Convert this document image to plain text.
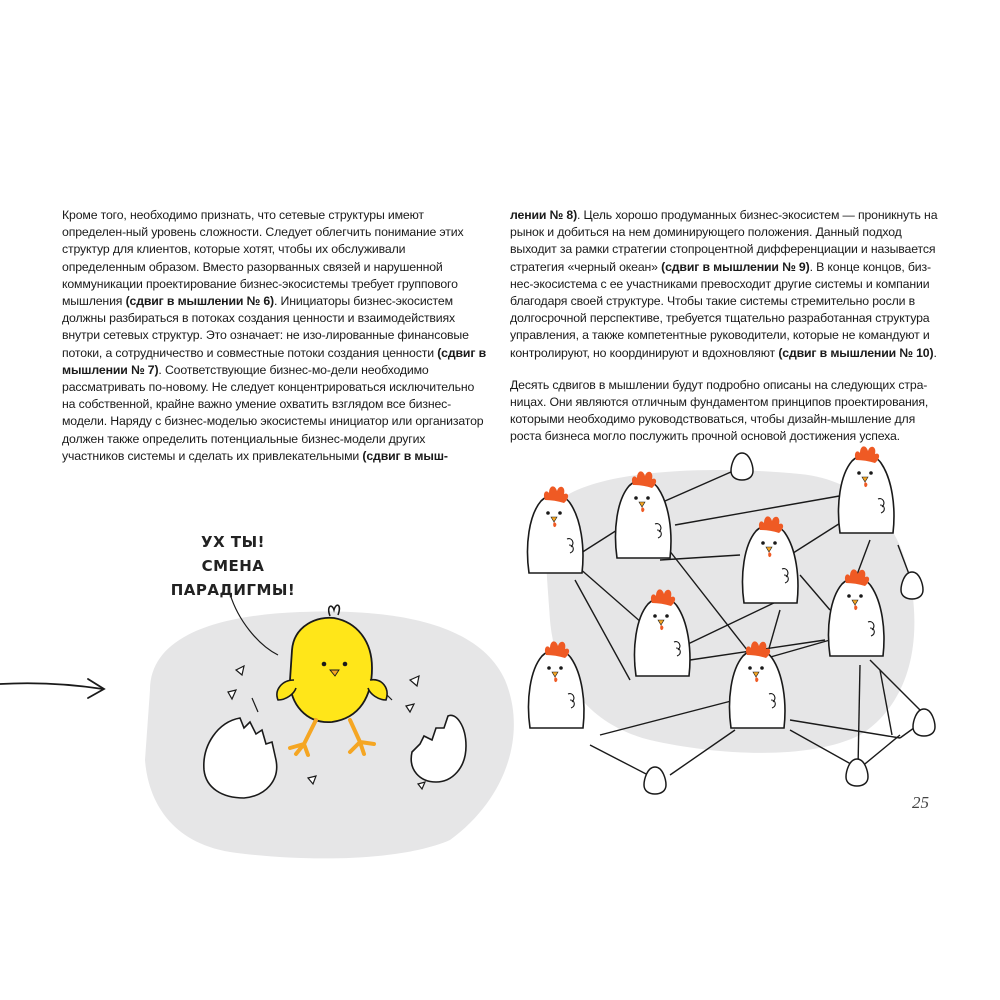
Кроме того, необходимо признать, что сетевые структуры имеют определен-ный уровень сложности. Следует облегчить понимание этих структур для клиентов, которые хотят, чтобы их обслуживали определенным образом. Вместо разорванных связей и нарушенной коммуникации проектирование бизнес-экосистемы требует группового мышления (сдвиг в мышлении № 6). Инициаторы бизнес-экосистем должны разбираться в потоках создания ценности и взаимодействиях внутри сетевых структур. Это означает: не изо-лированные финансовые потоки, а сотрудничество и совместные потоки создания ценности (сдвиг в мышлении № 7). Соответствующие бизнес-мо-дели необходимо рассматривать по-новому. Не следует концентрироваться исключительно на собственной, крайне важно умение охватить взглядом все бизнес-модели. Наряду с бизнес-моделью экосистемы инициатор или организатор должен также определить потенциальные бизнес-модели других участников системы и сделать их привлекательными (сдвиг в мыш-

лении № 8). Цель хорошо продуманных бизнес-экосистем — проникнуть на рынок и добиться на нем доминирующего положения. Данный подход выходит за рамки стратегии стопроцентной дифференциации и называется стратегия «черный океан» (сдвиг в мышлении № 9). В конце концов, биз-нес-экосистема с ее участниками превосходит другие системы и компании благодаря своей структуре. Чтобы такие системы стремительно росли в долгосрочной перспективе, требуется тщательно разработанная структура управления, а также компетентные руководители, которые не командуют и контролируют, но координируют и вдохновляют (сдвиг в мышлении № 10).

Десять сдвигов в мышлении будут подробно описаны на следующих стра-ницах. Они являются отличным фундаментом принципов проектирования, которыми необходимо руководствоваться, чтобы дизайн-мышление для роста бизнеса могло послужить прочной основой достижения успеха.

УХ ТЫ!
СМЕНА ПАРАДИГМЫ!
25
